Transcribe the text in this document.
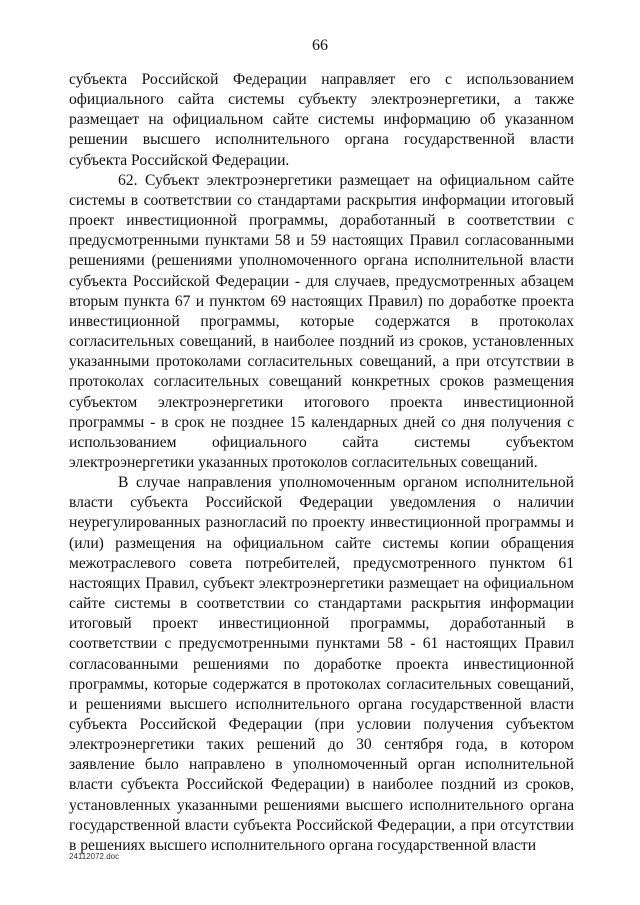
66

субъекта Российской Федерации направляет его с использованием официального сайта системы субъекту электроэнергетики, а также размещает на официальном сайте системы информацию об указанном решении высшего исполнительного органа государственной власти субъекта Российской Федерации.

62. Субъект электроэнергетики размещает на официальном сайте системы в соответствии со стандартами раскрытия информации итоговый проект инвестиционной программы, доработанный в соответствии с предусмотренными пунктами 58 и 59 настоящих Правил согласованными решениями (решениями уполномоченного органа исполнительной власти субъекта Российской Федерации - для случаев, предусмотренных абзацем вторым пункта 67 и пунктом 69 настоящих Правил) по доработке проекта инвестиционной программы, которые содержатся в протоколах согласительных совещаний, в наиболее поздний из сроков, установленных указанными протоколами согласительных совещаний, а при отсутствии в протоколах согласительных совещаний конкретных сроков размещения субъектом электроэнергетики итогового проекта инвестиционной программы - в срок не позднее 15 календарных дней со дня получения с использованием официального сайта системы субъектом электроэнергетики указанных протоколов согласительных совещаний.

В случае направления уполномоченным органом исполнительной власти субъекта Российской Федерации уведомления о наличии неурегулированных разногласий по проекту инвестиционной программы и (или) размещения на официальном сайте системы копии обращения межотраслевого совета потребителей, предусмотренного пунктом 61 настоящих Правил, субъект электроэнергетики размещает на официальном сайте системы в соответствии со стандартами раскрытия информации итоговый проект инвестиционной программы, доработанный в соответствии с предусмотренными пунктами 58 - 61 настоящих Правил согласованными решениями по доработке проекта инвестиционной программы, которые содержатся в протоколах согласительных совещаний, и решениями высшего исполнительного органа государственной власти субъекта Российской Федерации (при условии получения субъектом электроэнергетики таких решений до 30 сентября года, в котором заявление было направлено в уполномоченный орган исполнительной власти субъекта Российской Федерации) в наиболее поздний из сроков, установленных указанными решениями высшего исполнительного органа государственной власти субъекта Российской Федерации, а при отсутствии в решениях высшего исполнительного органа государственной власти

24112072.doc
